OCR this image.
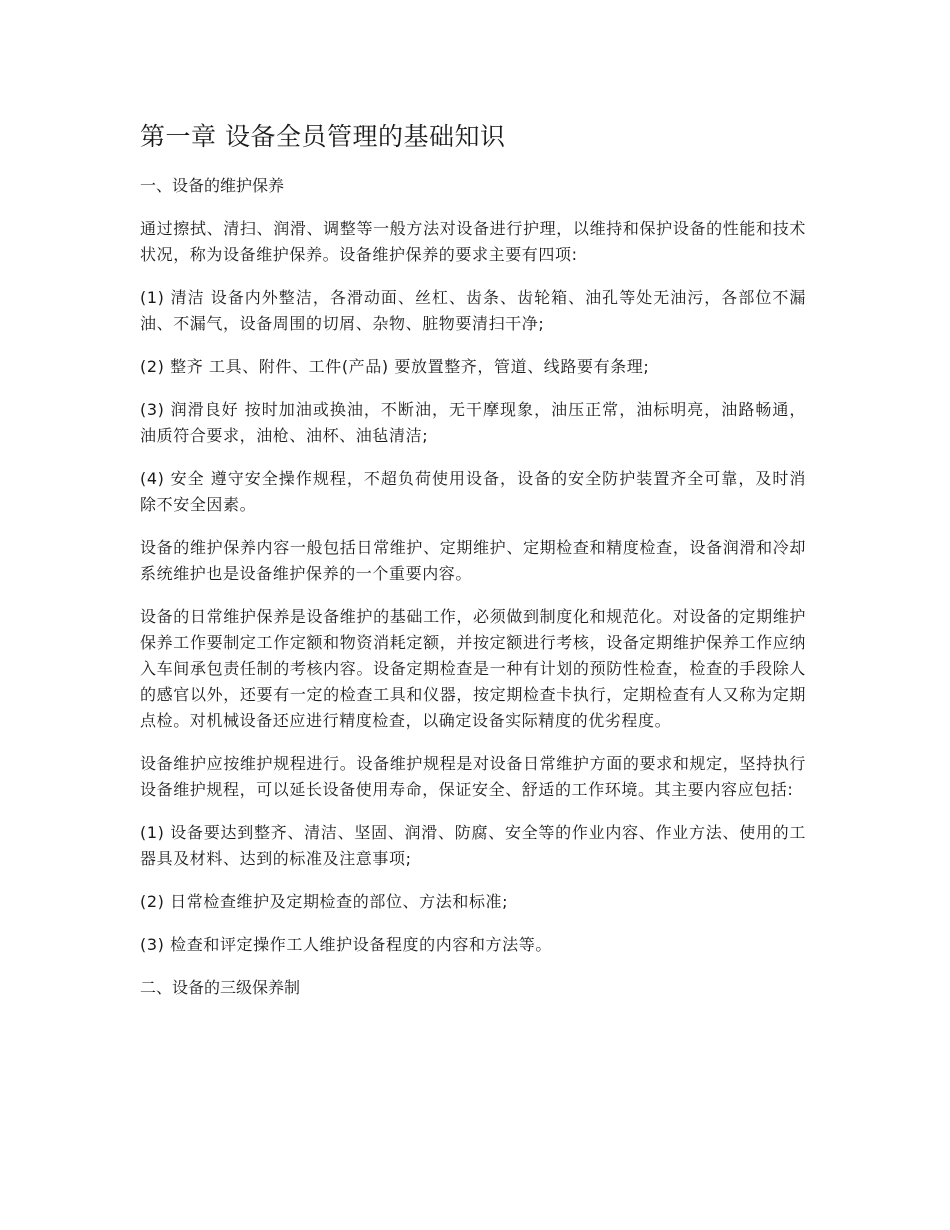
第一章 设备全员管理的基础知识
一、设备的维护保养

通过擦拭、清扫、润滑、调整等一般方法对设备进行护理，以维持和保护设备的性能和技术状况，称为设备维护保养。设备维护保养的要求主要有四项:

(1) 清洁 设备内外整洁，各滑动面、丝杠、齿条、齿轮箱、油孔等处无油污，各部位不漏油、不漏气，设备周围的切屑、杂物、脏物要清扫干净;

(2) 整齐 工具、附件、工件(产品) 要放置整齐，管道、线路要有条理;

(3) 润滑良好 按时加油或换油，不断油，无干摩现象，油压正常，油标明亮，油路畅通，油质符合要求，油枪、油杯、油毡清洁;

(4) 安全 遵守安全操作规程，不超负荷使用设备，设备的安全防护装置齐全可靠，及时消除不安全因素。

设备的维护保养内容一般包括日常维护、定期维护、定期检查和精度检查，设备润滑和冷却系统维护也是设备维护保养的一个重要内容。

设备的日常维护保养是设备维护的基础工作，必须做到制度化和规范化。对设备的定期维护保养工作要制定工作定额和物资消耗定额，并按定额进行考核，设备定期维护保养工作应纳入车间承包责任制的考核内容。设备定期检查是一种有计划的预防性检查，检查的手段除人的感官以外，还要有一定的检查工具和仪器，按定期检查卡执行，定期检查有人又称为定期点检。对机械设备还应进行精度检查，以确定设备实际精度的优劣程度。

设备维护应按维护规程进行。设备维护规程是对设备日常维护方面的要求和规定，坚持执行设备维护规程，可以延长设备使用寿命，保证安全、舒适的工作环境。其主要内容应包括:

(1) 设备要达到整齐、清洁、坚固、润滑、防腐、安全等的作业内容、作业方法、使用的工器具及材料、达到的标准及注意事项;

(2) 日常检查维护及定期检查的部位、方法和标准;

(3) 检查和评定操作工人维护设备程度的内容和方法等。

二、设备的三级保养制
